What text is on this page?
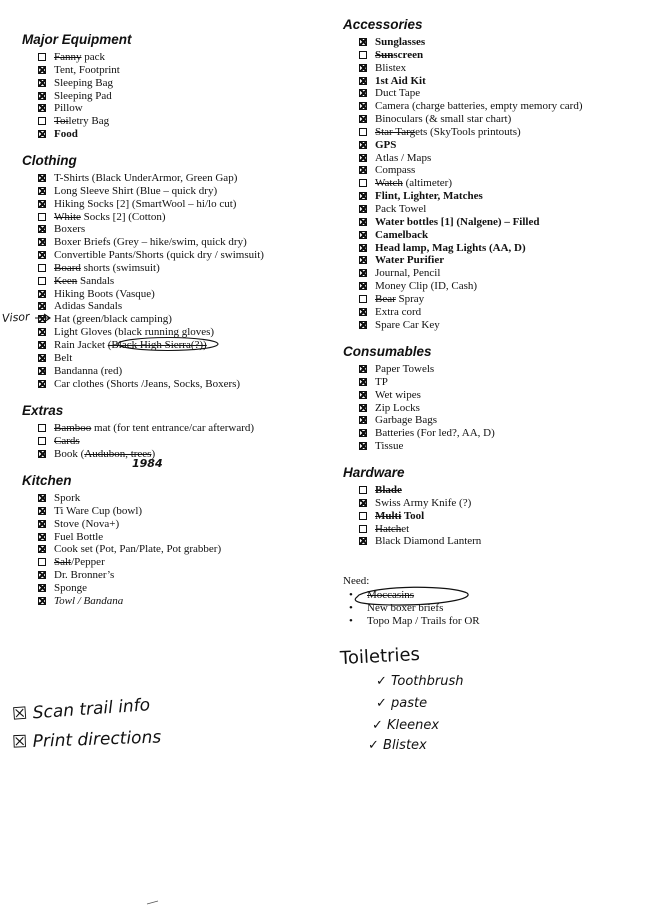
Major Equipment
Fanny pack
Tent, Footprint
Sleeping Bag
Sleeping Pad
Pillow
Toiletry Bag
Food
Clothing
T-Shirts (Black UnderArmor, Green Gap)
Long Sleeve Shirt (Blue – quick dry)
Hiking Socks [2] (SmartWool – hi/lo cut)
White Socks [2] (Cotton)
Boxers
Boxer Briefs (Grey – hike/swim, quick dry)
Convertible Pants/Shorts (quick dry / swimsuit)
Board shorts (swimsuit)
Keen Sandals
Hiking Boots (Vasque)
Adidas Sandals
Hat (green/black camping)
Light Gloves (black running gloves)
Rain Jacket (Black High Sierra(?))
Belt
Bandanna (red)
Car clothes (Shorts /Jeans, Socks, Boxers)
Extras
Bamboo mat (for tent entrance/car afterward)
Cards
Book (Audubon, trees)
Kitchen
Spork
Ti Ware Cup (bowl)
Stove (Nova+)
Fuel Bottle
Cook set (Pot, Pan/Plate, Pot grabber)
Salt/Pepper
Dr. Bronner’s
Sponge
Towl / Bandana
Accessories
Sunglasses
Sunscreen
Blistex
1st Aid Kit
Duct Tape
Camera (charge batteries, empty memory card)
Binoculars (& small star chart)
Star Targets (SkyTools printouts)
GPS
Atlas / Maps
Compass
Watch (altimeter)
Flint, Lighter, Matches
Pack Towel
Water bottles [1] (Nalgene) – Filled
Camelback
Head lamp, Mag Lights (AA, D)
Water Purifier
Journal, Pencil
Money Clip (ID, Cash)
Bear Spray
Extra cord
Spare Car Key
Consumables
Paper Towels
TP
Wet wipes
Zip Locks
Garbage Bags
Batteries (For led?, AA, D)
Tissue
Hardware
Blade
Swiss Army Knife (?)
Multi Tool
Hatchet
Black Diamond Lantern
Need:
• Moccasins
• New boxer briefs
• Topo Map / Trails for OR
Visor
1984
Toiletries
✓ Toothbrush
✓ paste
✓ Kleenex
✓ Blistex
☒ Scan trail info
☒ Print directions
